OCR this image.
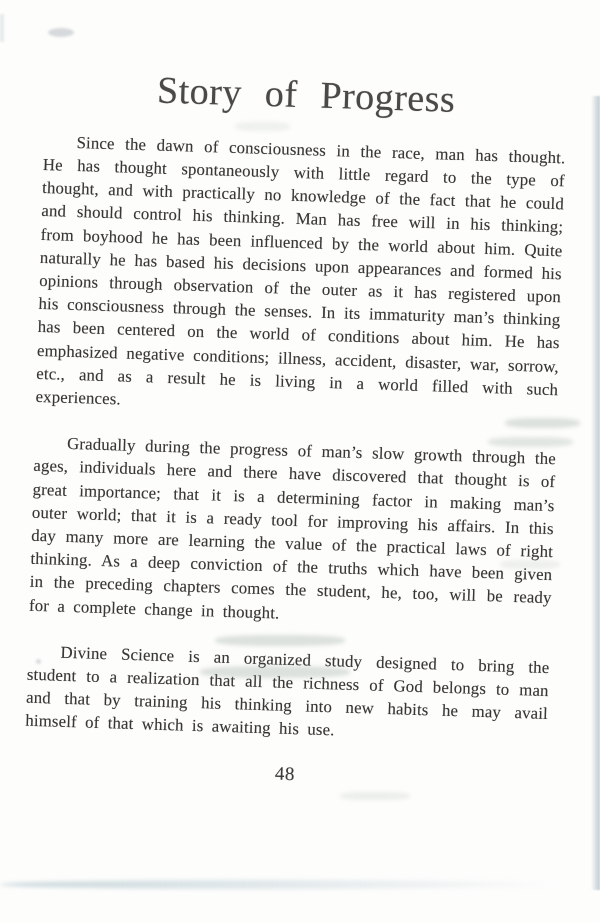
Story of Progress

Since the dawn of consciousness in the race, man has thought. He has thought spontaneously with little regard to the type of thought, and with practically no knowledge of the fact that he could and should control his thinking. Man has free will in his thinking; from boyhood he has been influenced by the world about him. Quite naturally he has based his decisions upon appearances and formed his opinions through observation of the outer as it has registered upon his consciousness through the senses. In its immaturity man’s thinking has been centered on the world of conditions about him. He has emphasized negative conditions; illness, accident, disaster, war, sorrow, etc., and as a result he is living in a world filled with such experiences.

Gradually during the progress of man’s slow growth through the ages, individuals here and there have discovered that thought is of great importance; that it is a determining factor in making man’s outer world; that it is a ready tool for improving his affairs. In this day many more are learning the value of the practical laws of right thinking. As a deep conviction of the truths which have been given in the preceding chapters comes the student, he, too, will be ready for a complete change in thought.

Divine Science is an organized study designed to bring the student to a realization that all the richness of God belongs to man and that by training his thinking into new habits he may avail himself of that which is awaiting his use.

48
